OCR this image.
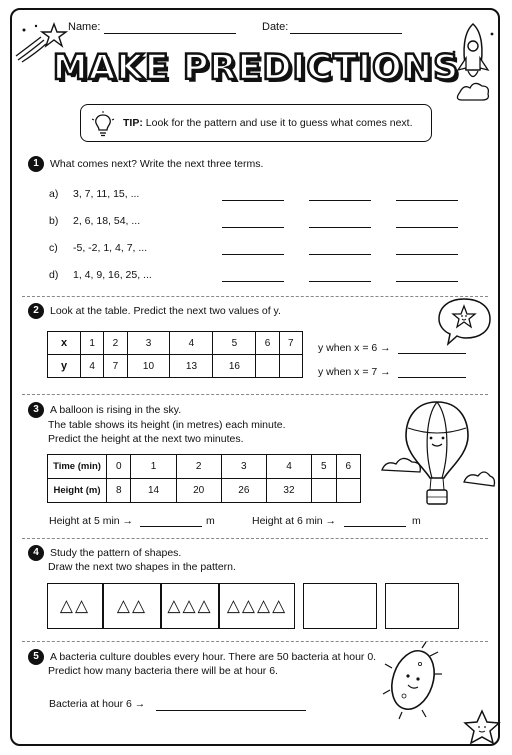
Name:	Date:
MAKE PREDICTIONS
TIP: Look for the pattern and use it to guess what comes next.
1	What comes next? Write the next three terms.
a) 3, 7, 11, 15, ...
b) 2, 6, 18, 54, ...
c) -5, -2, 1, 4, 7, ...
d) 1, 4, 9, 16, 25, ...
2	Look at the table. Predict the next two values of y.
x	1	2	3	4	5	6	7
y	4	7	10	13	16		
y when x = 6 →
y when x = 7 →
3	A balloon is rising in the sky.
The table shows its height (in metres) each minute.
Predict the height at the next two minutes.
Time (min)	0	1	2	3	4	5	6
Height (m)	8	14	20	26	32		
Height at 5 min →	m	Height at 6 min →	m
4	Study the pattern of shapes.
Draw the next two shapes in the pattern.
△△	△△	△△△ △△△△
5	A bacteria culture doubles every hour. There are 50 bacteria at hour 0.
Predict how many bacteria there will be at hour 6.
Bacteria at hour 6 →
